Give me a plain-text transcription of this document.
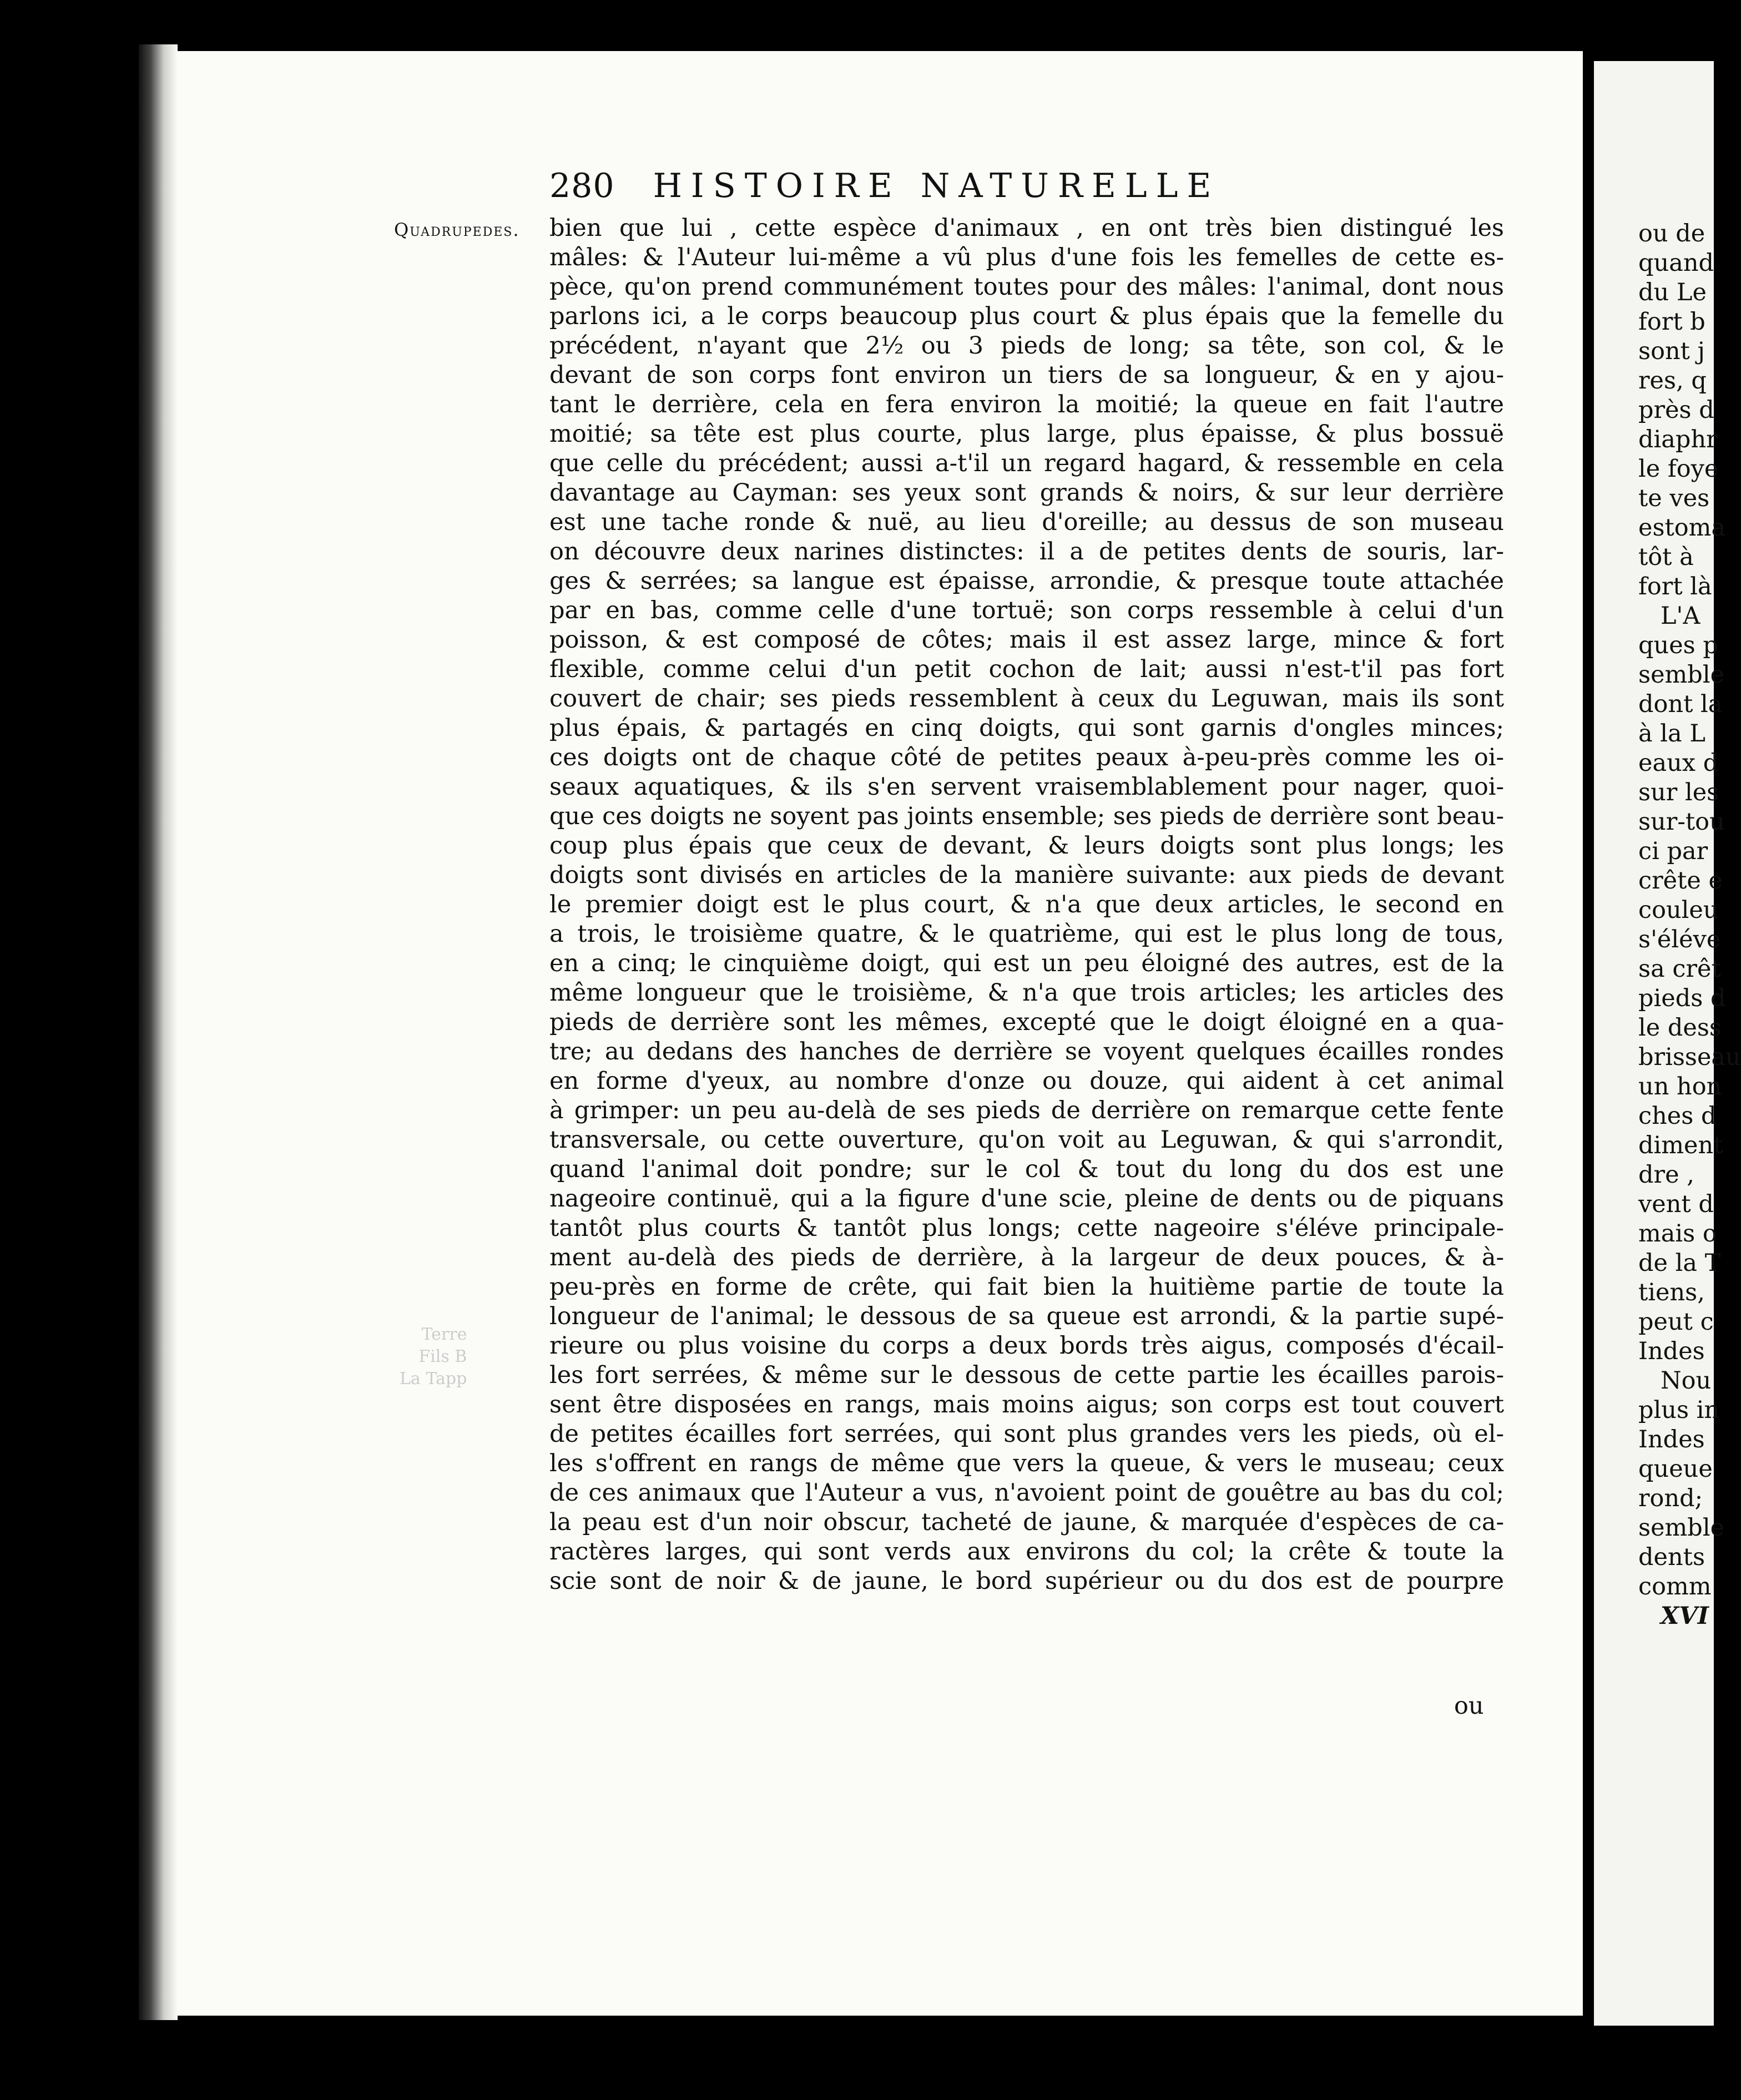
280 HISTOIRE NATURELLE
Quadrupedes.
Terre
Fils B
La Tapp
bien que lui , cette espèce d'animaux , en ont très bien distingué les
mâles: & l'Auteur lui-même a vû plus d'une fois les femelles de cette es-
pèce, qu'on prend communément toutes pour des mâles: l'animal, dont nous
parlons ici, a le corps beaucoup plus court & plus épais que la femelle du
précédent, n'ayant que 2½ ou 3 pieds de long; sa tête, son col, & le
devant de son corps font environ un tiers de sa longueur, & en y ajou-
tant le derrière, cela en fera environ la moitié; la queue en fait l'autre
moitié; sa tête est plus courte, plus large, plus épaisse, & plus bossuë
que celle du précédent; aussi a-t'il un regard hagard, & ressemble en cela
davantage au Cayman: ses yeux sont grands & noirs, & sur leur derrière
est une tache ronde & nuë, au lieu d'oreille; au dessus de son museau
on découvre deux narines distinctes: il a de petites dents de souris, lar-
ges & serrées; sa langue est épaisse, arrondie, & presque toute attachée
par en bas, comme celle d'une tortuë; son corps ressemble à celui d'un
poisson, & est composé de côtes; mais il est assez large, mince & fort
flexible, comme celui d'un petit cochon de lait; aussi n'est-t'il pas fort
couvert de chair; ses pieds ressemblent à ceux du Leguwan, mais ils sont
plus épais, & partagés en cinq doigts, qui sont garnis d'ongles minces;
ces doigts ont de chaque côté de petites peaux à-peu-près comme les oi-
seaux aquatiques, & ils s'en servent vraisemblablement pour nager, quoi-
que ces doigts ne soyent pas joints ensemble; ses pieds de derrière sont beau-
coup plus épais que ceux de devant, & leurs doigts sont plus longs; les
doigts sont divisés en articles de la manière suivante: aux pieds de devant
le premier doigt est le plus court, & n'a que deux articles, le second en
a trois, le troisième quatre, & le quatrième, qui est le plus long de tous,
en a cinq; le cinquième doigt, qui est un peu éloigné des autres, est de la
même longueur que le troisième, & n'a que trois articles; les articles des
pieds de derrière sont les mêmes, excepté que le doigt éloigné en a qua-
tre; au dedans des hanches de derrière se voyent quelques écailles rondes
en forme d'yeux, au nombre d'onze ou douze, qui aident à cet animal
à grimper: un peu au-delà de ses pieds de derrière on remarque cette fente
transversale, ou cette ouverture, qu'on voit au Leguwan, & qui s'arrondit,
quand l'animal doit pondre; sur le col & tout du long du dos est une
nageoire continuë, qui a la figure d'une scie, pleine de dents ou de piquans
tantôt plus courts & tantôt plus longs; cette nageoire s'éléve principale-
ment au-delà des pieds de derrière, à la largeur de deux pouces, & à-
peu-près en forme de crête, qui fait bien la huitième partie de toute la
longueur de l'animal; le dessous de sa queue est arrondi, & la partie supé-
rieure ou plus voisine du corps a deux bords très aigus, composés d'écail-
les fort serrées, & même sur le dessous de cette partie les écailles parois-
sent être disposées en rangs, mais moins aigus; son corps est tout couvert
de petites écailles fort serrées, qui sont plus grandes vers les pieds, où el-
les s'offrent en rangs de même que vers la queue, & vers le museau; ceux
de ces animaux que l'Auteur a vus, n'avoient point de gouêtre au bas du col;
la peau est d'un noir obscur, tacheté de jaune, & marquée d'espèces de ca-
ractères larges, qui sont verds aux environs du col; la crête & toute la
scie sont de noir & de jaune, le bord supérieur ou du dos est de pourpre
ou
ou de
quand
du Le
fort b
sont j
res, q
près d
diaphr
le foye
te ves
estoma
tôt à
fort là
L'A
ques p
semble
dont la
à la L
eaux d
sur les
sur-tou
ci par
crête e
couleu
s'éléve
sa crêt
pieds d
le dess
brisseau
un hon
ches d
diment
dre ,
vent d
mais o
de la T
tiens,
peut c
Indes
Nou
plus in
Indes
queue
rond;
semble
dents
comm
XVI
